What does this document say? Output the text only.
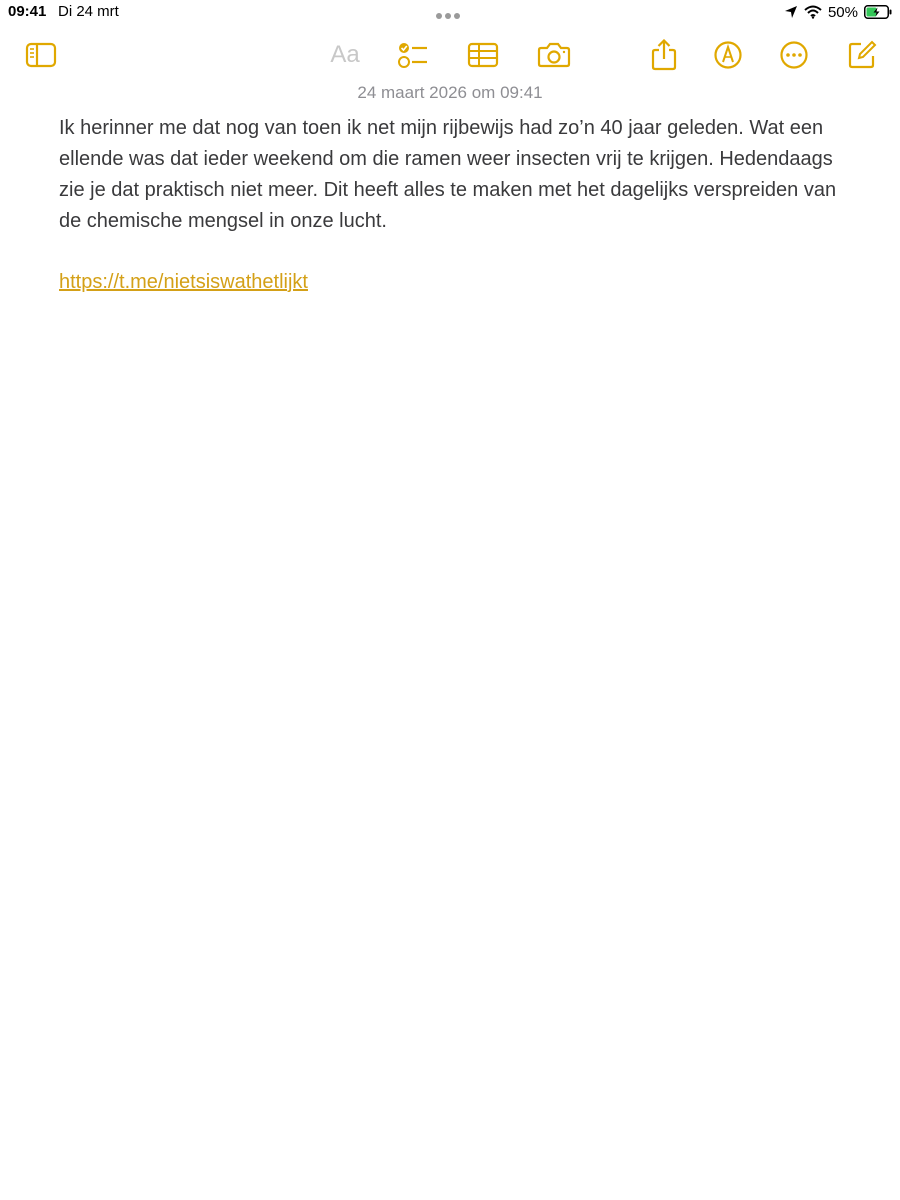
09:41 Di 24 mrt	50%
Aa
24 maart 2026 om 09:41

Ik herinner me dat nog van toen ik net mijn rijbewijs had zo’n 40 jaar geleden. Wat een ellende was dat ieder weekend om die ramen weer insecten vrij te krijgen. Hedendaags zie je dat praktisch niet meer. Dit heeft alles te maken met het dagelijks verspreiden van de chemische mengsel in onze lucht.

https://t.me/nietsiswathetlijkt
